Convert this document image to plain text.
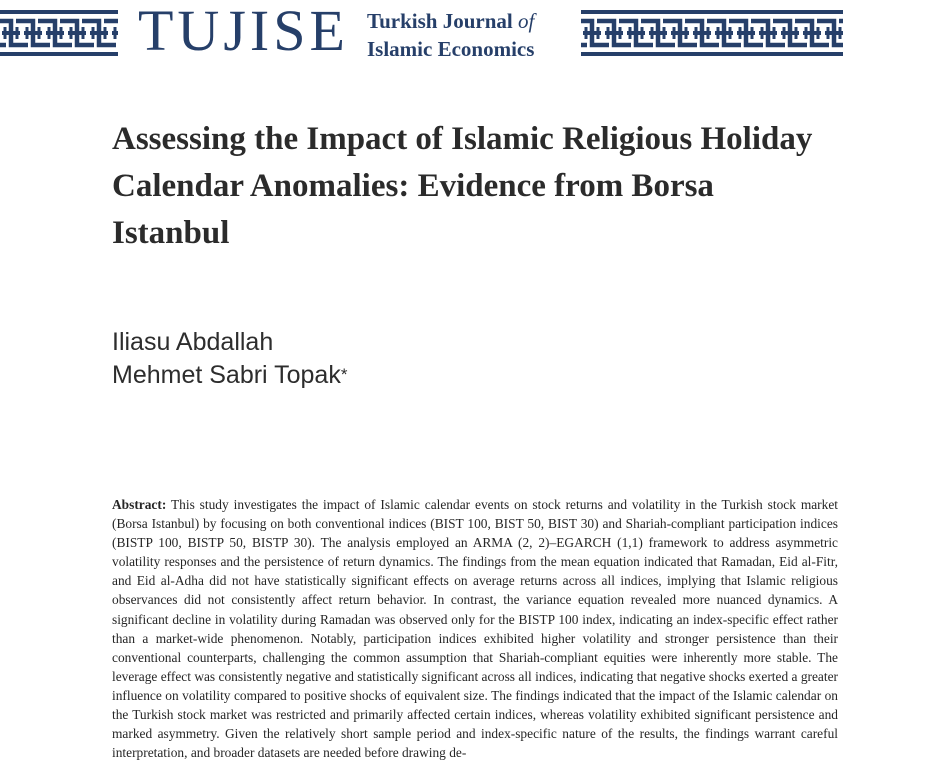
TUJISE Turkish Journal of
Islamic Economics
Assessing the Impact of Islamic Religious Holiday Calendar Anomalies: Evidence from Borsa Istanbul
Iliasu Abdallah
Mehmet Sabri Topak*

Abstract: This study investigates the impact of Islamic calendar events on stock returns and volatility in the Turkish stock market (Borsa Istanbul) by focusing on both conventional indices (BIST 100, BIST 50, BIST 30) and Shariah-compliant participation indices (BISTP 100, BISTP 50, BISTP 30). The analysis employed an ARMA (2, 2)–EGARCH (1,1) framework to address asymmetric volatility responses and the persistence of return dynamics. The findings from the mean equation indicated that Ramadan, Eid al-Fitr, and Eid al-Adha did not have statistically significant effects on average returns across all indices, implying that Islamic religious observances did not consistently affect return behavior. In contrast, the variance equation revealed more nuanced dynamics. A significant decline in volatility during Ramadan was observed only for the BISTP 100 index, indicating an index-specific effect rather than a market-wide phenomenon. Notably, participation indices exhibited higher volatility and stronger persistence than their conventional counterparts, challenging the common assumption that Shariah-compliant equities were inherently more stable. The leverage effect was consistently negative and statistically significant across all indices, indicating that negative shocks exerted a greater influence on volatility compared to positive shocks of equivalent size. The findings indicated that the impact of the Islamic calendar on the Turkish stock market was restricted and primarily affected certain indices, whereas volatility exhibited significant persistence and marked asymmetry. Given the relatively short sample period and index-specific nature of the results, the findings warrant careful interpretation, and broader datasets are needed before drawing de-
